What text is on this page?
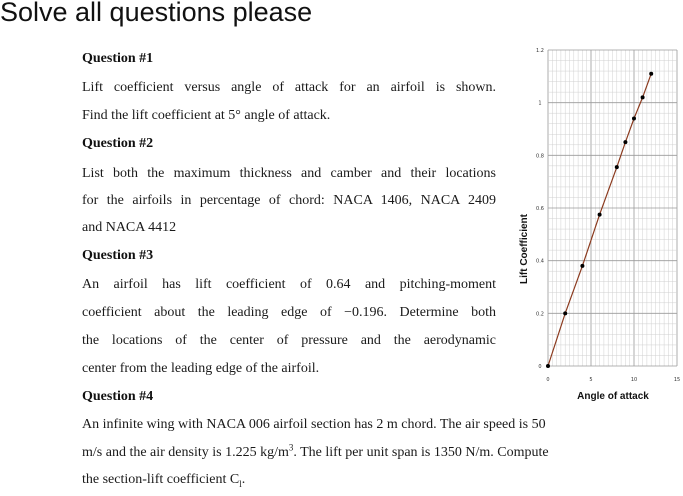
Solve all questions please
Question #1
Lift coefficient versus angle of attack for an airfoil is shown.
Find the lift coefficient at 5° angle of attack.
Question #2
List both the maximum thickness and camber and their locations
for the airfoils in percentage of chord: NACA 1406, NACA 2409
and NACA 4412
Question #3
An airfoil has lift coefficient of 0.64 and pitching-moment
coefficient about the leading edge of −0.196. Determine both
the locations of the center of pressure and the aerodynamic
center from the leading edge of the airfoil.
Question #4
An infinite wing with NACA 006 airfoil section has 2 m chord. The air speed is 50
m/s and the air density is 1.225 $kg/m^3$. The lift per unit span is 1350 N/m. Compute
the section-lift coefficient $C_l$.
0
0.2
0.4
0.6
0.8
1
1.2
0	5	10	15
Lift Coefficient
Angle of attack
